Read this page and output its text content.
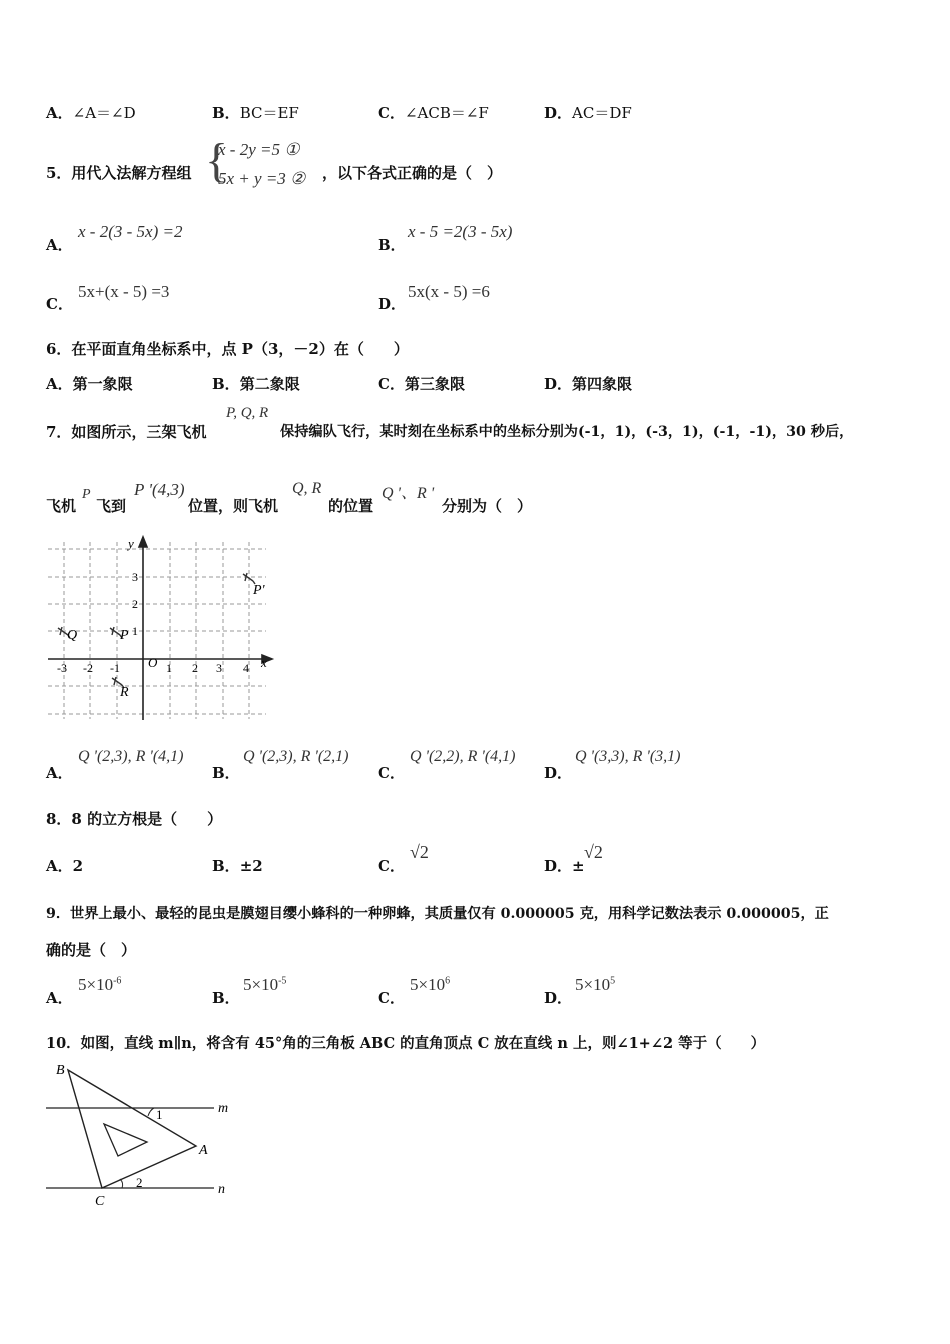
A．∠A＝∠D	B．BC＝EF	C．∠ACB＝∠F	D．AC＝DF
5．用代入法解方程组 {
x - 2y =5 ①
5x + y =3 ② ，以下各式正确的是（　）
A．
x - 2(3 - 5x) =2
B．
x - 5 =2(3 - 5x)
C．
5x+(x - 5) =3
D．
5x(x - 5) =6
6．在平面直角坐标系中，点 P（3，－2）在（　　）
A．第一象限	B．第二象限	C．第三象限	D．第四象限
7．如图所示，三架飞机
P, Q, R
保持编队飞行，某时刻在坐标系中的坐标分别为(-1，1)，(-3，1)，(-1，-1)，30 秒后，
飞机
P
飞到
P '(4,3)
位置，则飞机
Q, R
的位置
Q '、R '
分别为（　）
x
y
O
-3 -2 -1	1 2 3 4
3
2
1
Q	P
R
P'
A．
Q '(2,3), R '(4,1)
B．
Q '(2,3), R '(2,1)
C．
Q '(2,2), R '(4,1)
D．
Q '(3,3), R '(3,1)
8．8 的立方根是（　　）
A．2	B．±2	C．
√2
D．±
√2
9．世界上最小、最轻的昆虫是膜翅目缨小蜂科的一种卵蜂，其质量仅有 0.000005 克，用科学记数法表示 0.000005，正
确的是（　）
A．
$5\times 10^{-6}$
B．
$5\times 10^{-5}$
C．
$5\times 10^6$
D．
$5\times 10^5$
10．如图，直线 m∥n，将含有 45°角的三角板 ABC 的直角顶点 C 放在直线 n 上，则∠1+∠2 等于（　　）
B
A
C
m
n
1
2
